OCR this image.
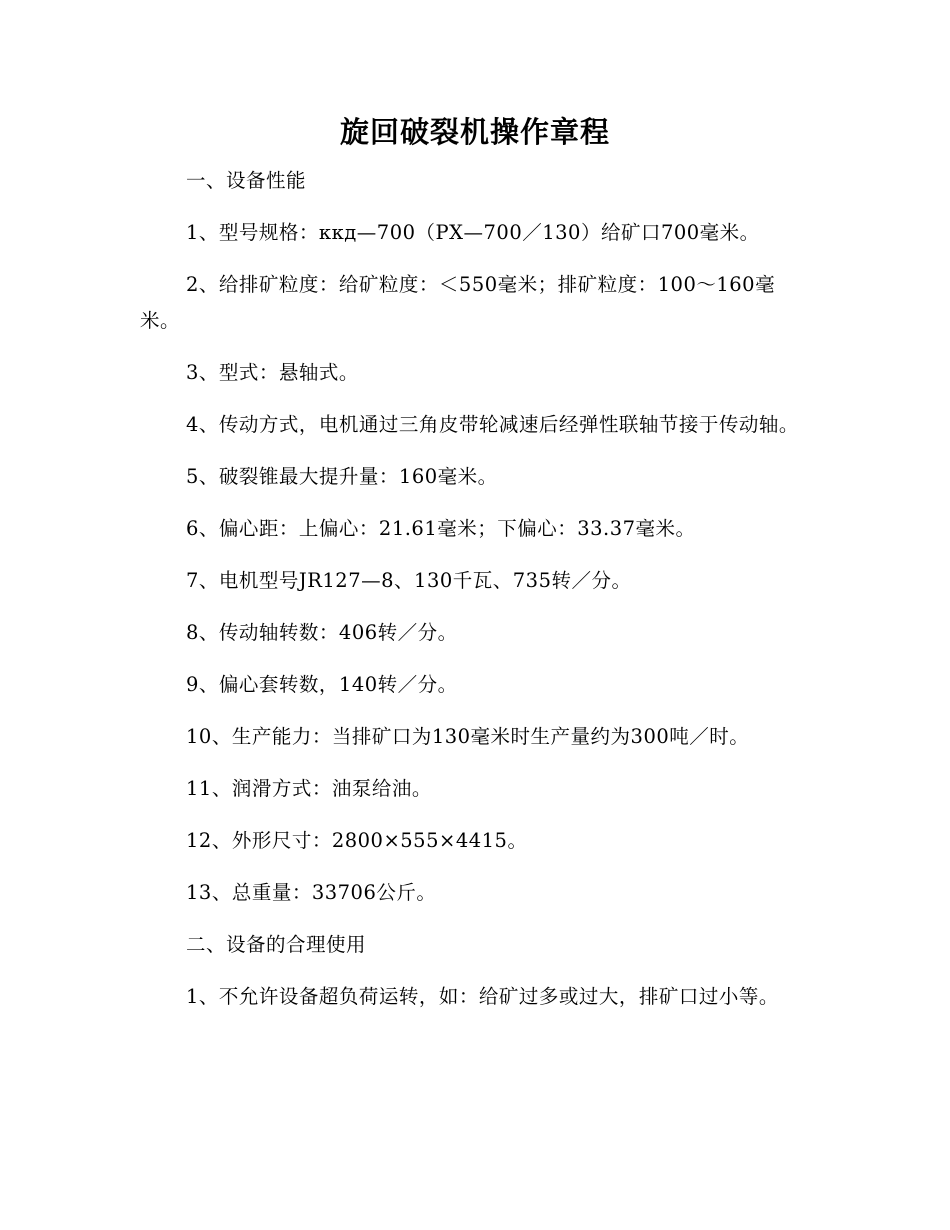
旋回破裂机操作章程

一、设备性能

1、型号规格：ккд—700（PX—700／130）给矿口700毫米。

2、给排矿粒度：给矿粒度：＜550毫米；排矿粒度：100～160毫米。

3、型式：悬轴式。

4、传动方式，电机通过三角皮带轮减速后经弹性联轴节接于传动轴。

5、破裂锥最大提升量：160毫米。

6、偏心距：上偏心：21.61毫米；下偏心：33.37毫米。

7、电机型号JR127—8、130千瓦、735转／分。

8、传动轴转数：406转／分。

9、偏心套转数，140转／分。

10、生产能力：当排矿口为130毫米时生产量约为300吨／时。

11、润滑方式：油泵给油。

12、外形尺寸：2800×555×4415。

13、总重量：33706公斤。

二、设备的合理使用

1、不允许设备超负荷运转，如：给矿过多或过大，排矿口过小等。
